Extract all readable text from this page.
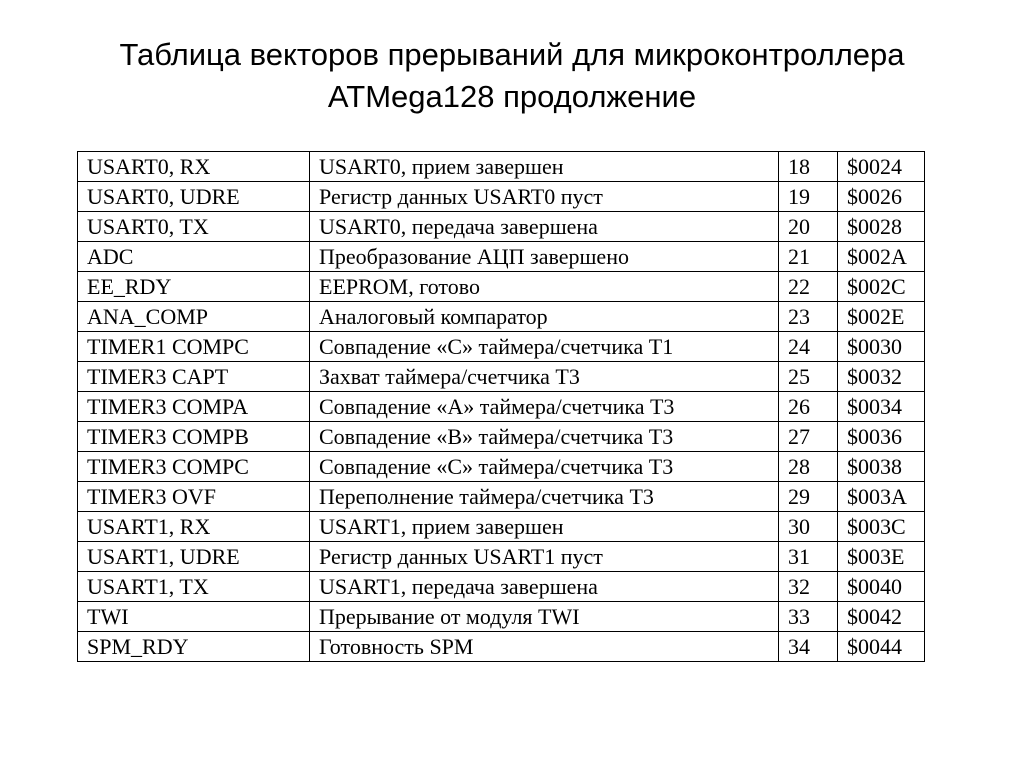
Таблица векторов прерываний для микроконтроллера
ATMega128 продолжение
USART0, RX	USART0, прием завершен	18	$0024
USART0, UDRE	Регистр данных USART0 пуст	19	$0026
USART0, TX	USART0, передача завершена	20	$0028
ADC	Преобразование АЦП завершено	21	$002A
EE_RDY	EEPROM, готово	22	$002C
ANA_COMP	Аналоговый компаратор	23	$002E
TIMER1 COMPC	Совпадение «С» таймера/счетчика Т1	24	$0030
TIMER3 CAPT	Захват таймера/счетчика Т3	25	$0032
TIMER3 COMPA	Совпадение «А» таймера/счетчика Т3	26	$0034
TIMER3 COMPB	Совпадение «В» таймера/счетчика Т3	27	$0036
TIMER3 COMPC	Совпадение «С» таймера/счетчика Т3	28	$0038
TIMER3 OVF	Переполнение таймера/счетчика Т3	29	$003A
USART1, RX	USART1, прием завершен	30	$003C
USART1, UDRE	Регистр данных USART1 пуст	31	$003E
USART1, TX	USART1, передача завершена	32	$0040
TWI	Прерывание от модуля TWI	33	$0042
SPM_RDY	Готовность SPM	34	$0044
